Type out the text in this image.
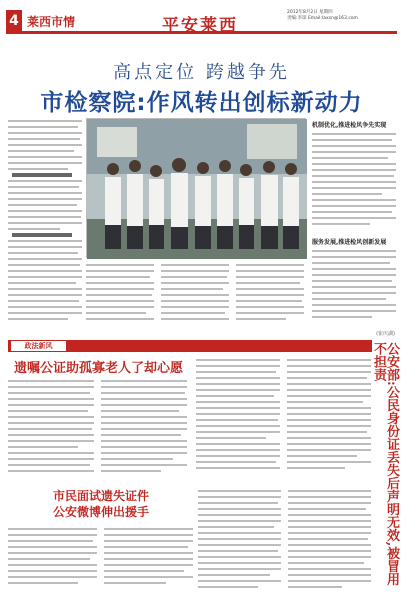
4 莱西市情	平安莱西
2012年8月2日 星期四
责编:李琼 Email:laxsn@163.com
高点定位 跨越争先
市检察院:作风转出创标新动力
机制优化,推进检风争先实现
服务发展,推进检风创新发展
(崔庆湖)
政法新风
遗嘱公证助孤寡老人了却心愿
市民面试遗失证件
公安微博伸出援手	公安部:公民身份证丢失后声明无效,被冒用不担责
